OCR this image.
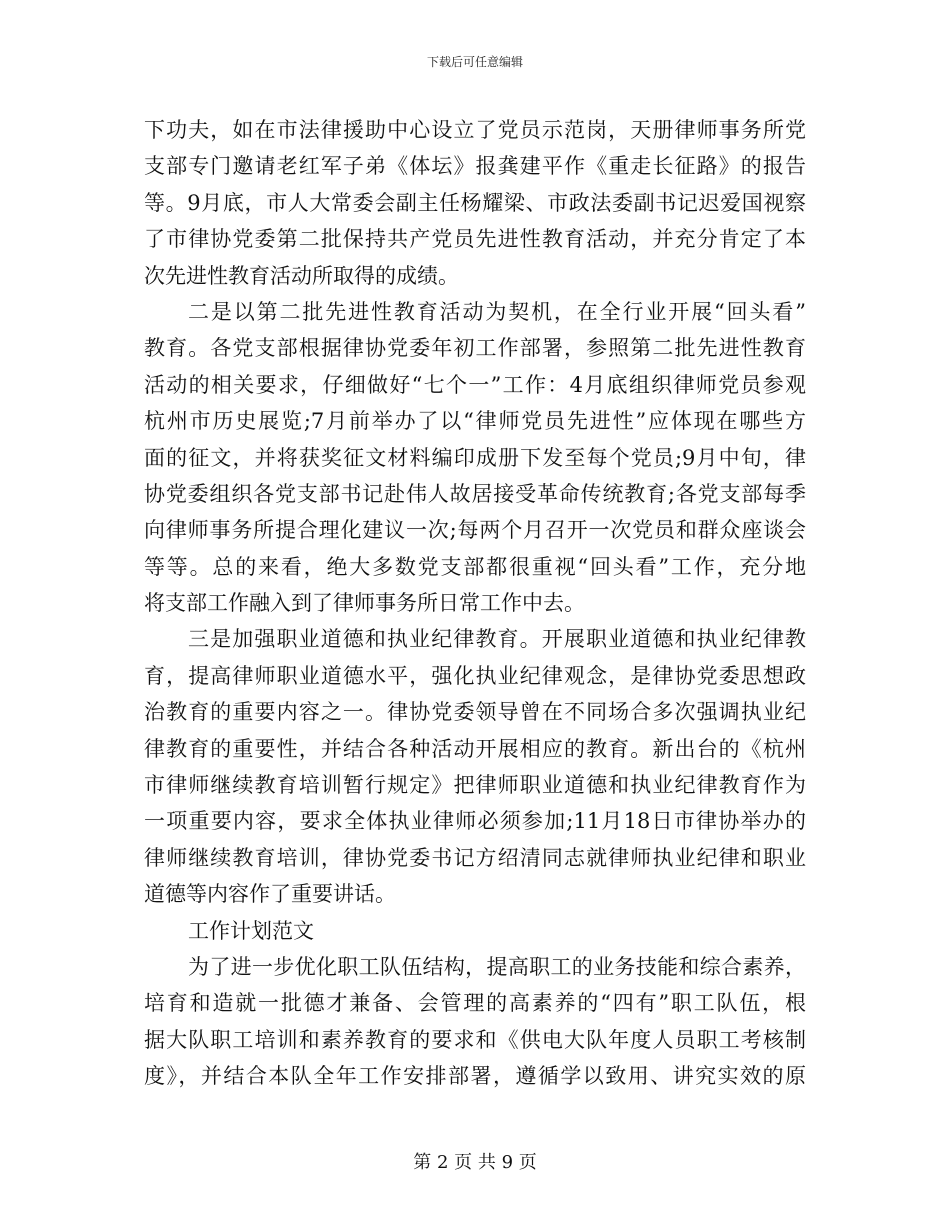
下载后可任意编辑
下功夫，如在市法律援助中心设立了党员示范岗，天册律师事务所党
支部专门邀请老红军子弟《体坛》报龚建平作《重走长征路》的报告
等。9月底，市人大常委会副主任杨耀梁、市政法委副书记迟爱国视察
了市律协党委第二批保持共产党员先进性教育活动，并充分肯定了本
次先进性教育活动所取得的成绩。
二是以第二批先进性教育活动为契机，在全行业开展“回头看”
教育。各党支部根据律协党委年初工作部署，参照第二批先进性教育
活动的相关要求，仔细做好“七个一”工作：4月底组织律师党员参观
杭州市历史展览;7月前举办了以“律师党员先进性”应体现在哪些方
面的征文，并将获奖征文材料编印成册下发至每个党员;9月中旬，律
协党委组织各党支部书记赴伟人故居接受革命传统教育;各党支部每季
向律师事务所提合理化建议一次;每两个月召开一次党员和群众座谈会
等等。总的来看，绝大多数党支部都很重视“回头看”工作，充分地
将支部工作融入到了律师事务所日常工作中去。
三是加强职业道德和执业纪律教育。开展职业道德和执业纪律教
育，提高律师职业道德水平，强化执业纪律观念，是律协党委思想政
治教育的重要内容之一。律协党委领导曾在不同场合多次强调执业纪
律教育的重要性，并结合各种活动开展相应的教育。新出台的《杭州
市律师继续教育培训暂行规定》把律师职业道德和执业纪律教育作为
一项重要内容，要求全体执业律师必须参加;11月18日市律协举办的
律师继续教育培训，律协党委书记方绍清同志就律师执业纪律和职业
道德等内容作了重要讲话。
工作计划范文
为了进一步优化职工队伍结构，提高职工的业务技能和综合素养，
培育和造就一批德才兼备、会管理的高素养的“四有”职工队伍，根
据大队职工培训和素养教育的要求和《供电大队年度人员职工考核制
度》，并结合本队全年工作安排部署，遵循学以致用、讲究实效的原
第 2 页 共 9 页
